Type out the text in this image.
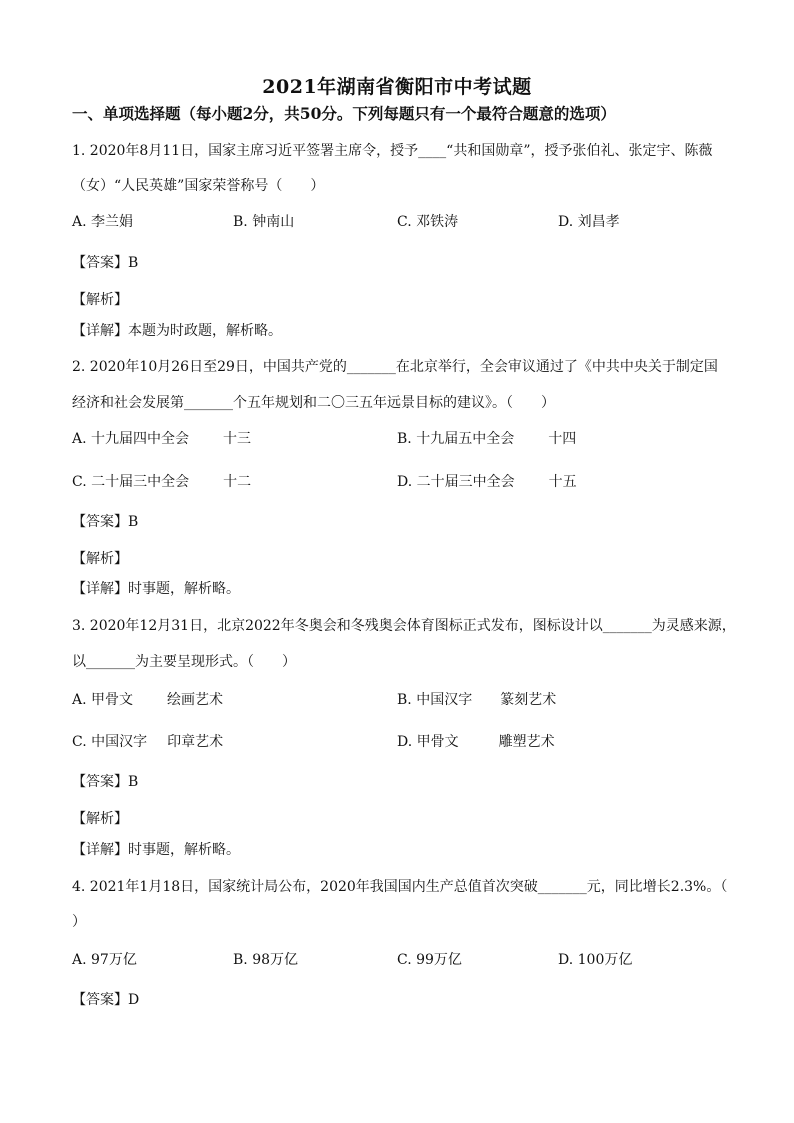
2021年湖南省衡阳市中考试题
一、单项选择题（每小题2分，共50分。下列每题只有一个最符合题意的选项）
1. 2020年8月11日，国家主席习近平签署主席令，授予____“共和国勋章”，授予张伯礼、张定宇、陈薇
（女）“人民英雄”国家荣誉称号（　　）
A. 李兰娟	B. 钟南山	C. 邓铁涛	D. 刘昌孝
【答案】B
【解析】
【详解】本题为时政题，解析略。
2. 2020年10月26日至29日，中国共产党的_______在北京举行，全会审议通过了《中共中央关于制定国
经济和社会发展第_______个五年规划和二〇三五年远景目标的建议》。（　　）
A. 十九届四中全会 十三	B. 十九届五中全会 十四
C. 二十届三中全会 十二	D. 二十届三中全会 十五
【答案】B
【解析】
【详解】时事题，解析略。
3. 2020年12月31日，北京2022年冬奥会和冬残奥会体育图标正式发布，图标设计以_______为灵感来源，
以_______为主要呈现形式。（　　）
A. 甲骨文 绘画艺术	B. 中国汉字 篆刻艺术
C. 中国汉字 印章艺术	D. 甲骨文	雕塑艺术
【答案】B
【解析】
【详解】时事题，解析略。
4. 2021年1月18日，国家统计局公布，2020年我国国内生产总值首次突破_______元，同比增长2.3%。（
）
A. 97万亿	B. 98万亿	C. 99万亿	D. 100万亿
【答案】D
